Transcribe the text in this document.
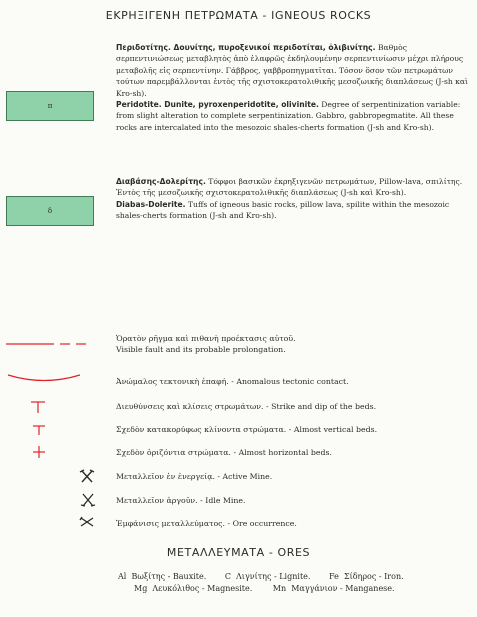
ΕΚΡΗΞΙΓΕΝΗ ΠΕΤΡΩΜΑΤΑ - IGNEOUS ROCKS
π

Περιδοτίτης. Δουνίτης, πυροξενικοί περιδοτίται, ὀλιβινίτης. Βαθμὸς σερπεντινιώσεως μεταβλητὸς ἀπὸ ἐλαφρῶς ἐκδηλουμένην σερπεντινίωσιν μέχρι πλήρους μεταβολῆς εἰς σερπεντίνην. Γάββρος, γαββροπηγματῖται. Τόσον ὅσον τῶν πετρωμάτων τούτων παρεμβάλλονται ἐντὸς τῆς σχιστοκερατολιθικῆς μεσοζωικῆς διαπλάσεως (J-sh καὶ Kro-sh).

Peridotite. Dunite, pyroxenperidotite, olivinite. Degree of serpentinization variable: from slight alteration to complete serpentinization. Gabbro, gabbropegmatite. All these rocks are intercalated into the mesozoic shales-cherts formation (J-sh and Kro-sh).

δ

Διαβάσης-Δολερίτης. Τόφφοι βασικῶν ἐκρηξιγενῶν πετρωμάτων, Pillow-lava, σπιλίτης. Ἐντὸς τῆς μεσοζωικῆς σχιστοκερατολιθικῆς διαπλάσεως (J-sh καὶ Kro-sh).

Diabas-Dolerite. Tuffs of igneous basic rocks, pillow lava, spilite within the mesozoic shales-cherts formation (J-sh and Kro-sh).

Ὁρατὸν ρῆγμα καὶ πιθανὴ προέκτασις αὐτοῦ.
Visible fault and its probable prolongation.
Ἀνώμαλος τεκτονικὴ ἐπαφή. - Anomalous tectonic contact.
Διευθύνσεις καὶ κλίσεις στρωμάτων. - Strike and dip of the beds.
Σχεδὸν κατακορύφως κλίνοντα στρώματα. - Almost vertical beds.
Σχεδὸν ὁριζόντια στρώματα. - Almost horizontal beds.
Μεταλλεῖον ἐν ἐνεργείᾳ. - Active Mine.
Μεταλλεῖον ἀργοῦν. - Idle Mine.
Ἐμφάνισις μεταλλεύματος. - Ore occurrence.
ΜΕΤΑΛΛΕΥΜΑΤΑ - ORES
Al Βωξίτης - Bauxite. C Λιγνίτης - Lignite. Fe Σίδηρος - Iron.
Mg Λευκόλιθος - Magnesite.	Mn Μαγγάνιον - Manganese.
